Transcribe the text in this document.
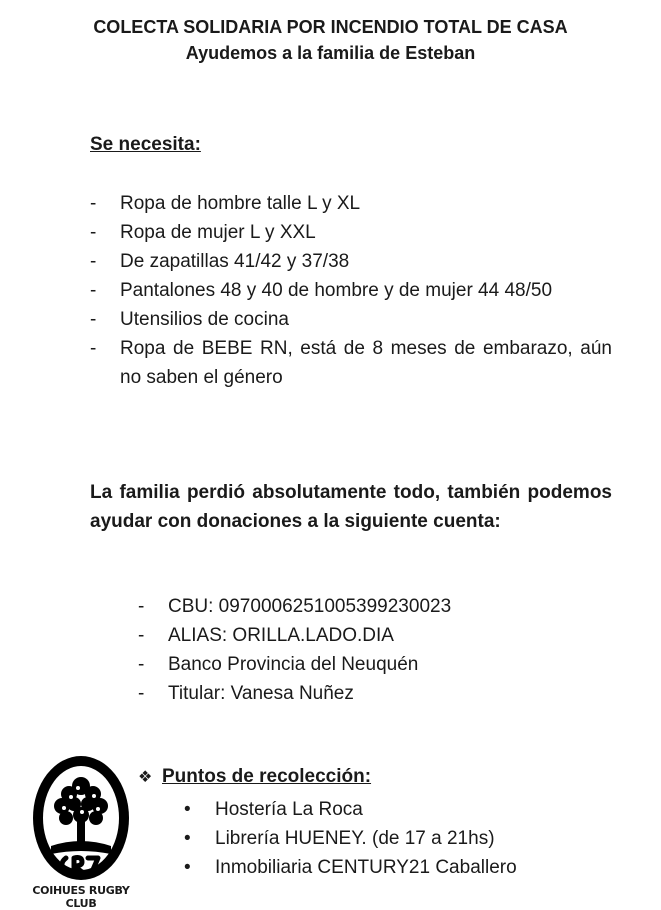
COLECTA SOLIDARIA POR INCENDIO TOTAL DE CASA
Ayudemos a la familia de Esteban
Se necesita:
- Ropa de hombre talle L y XL
- Ropa de mujer L y XXL
- De zapatillas 41/42 y 37/38
- Pantalones 48 y 40 de hombre y de mujer 44 48/50
- Utensilios de cocina
- Ropa de BEBE RN, está de 8 meses de embarazo, aún no saben el género
La familia perdió absolutamente todo, también podemos ayudar con donaciones a la siguiente cuenta:
- CBU: 0970006251005399230023
- ALIAS: ORILLA.LADO.DIA
- Banco Provincia del Neuquén
- Titular: Vanesa Nuñez
COIHUES RUGBY CLUB
❖ Puntos de recolección:
• Hostería La Roca
• Librería HUENEY. (de 17 a 21hs)
• Inmobiliaria CENTURY21 Caballero
